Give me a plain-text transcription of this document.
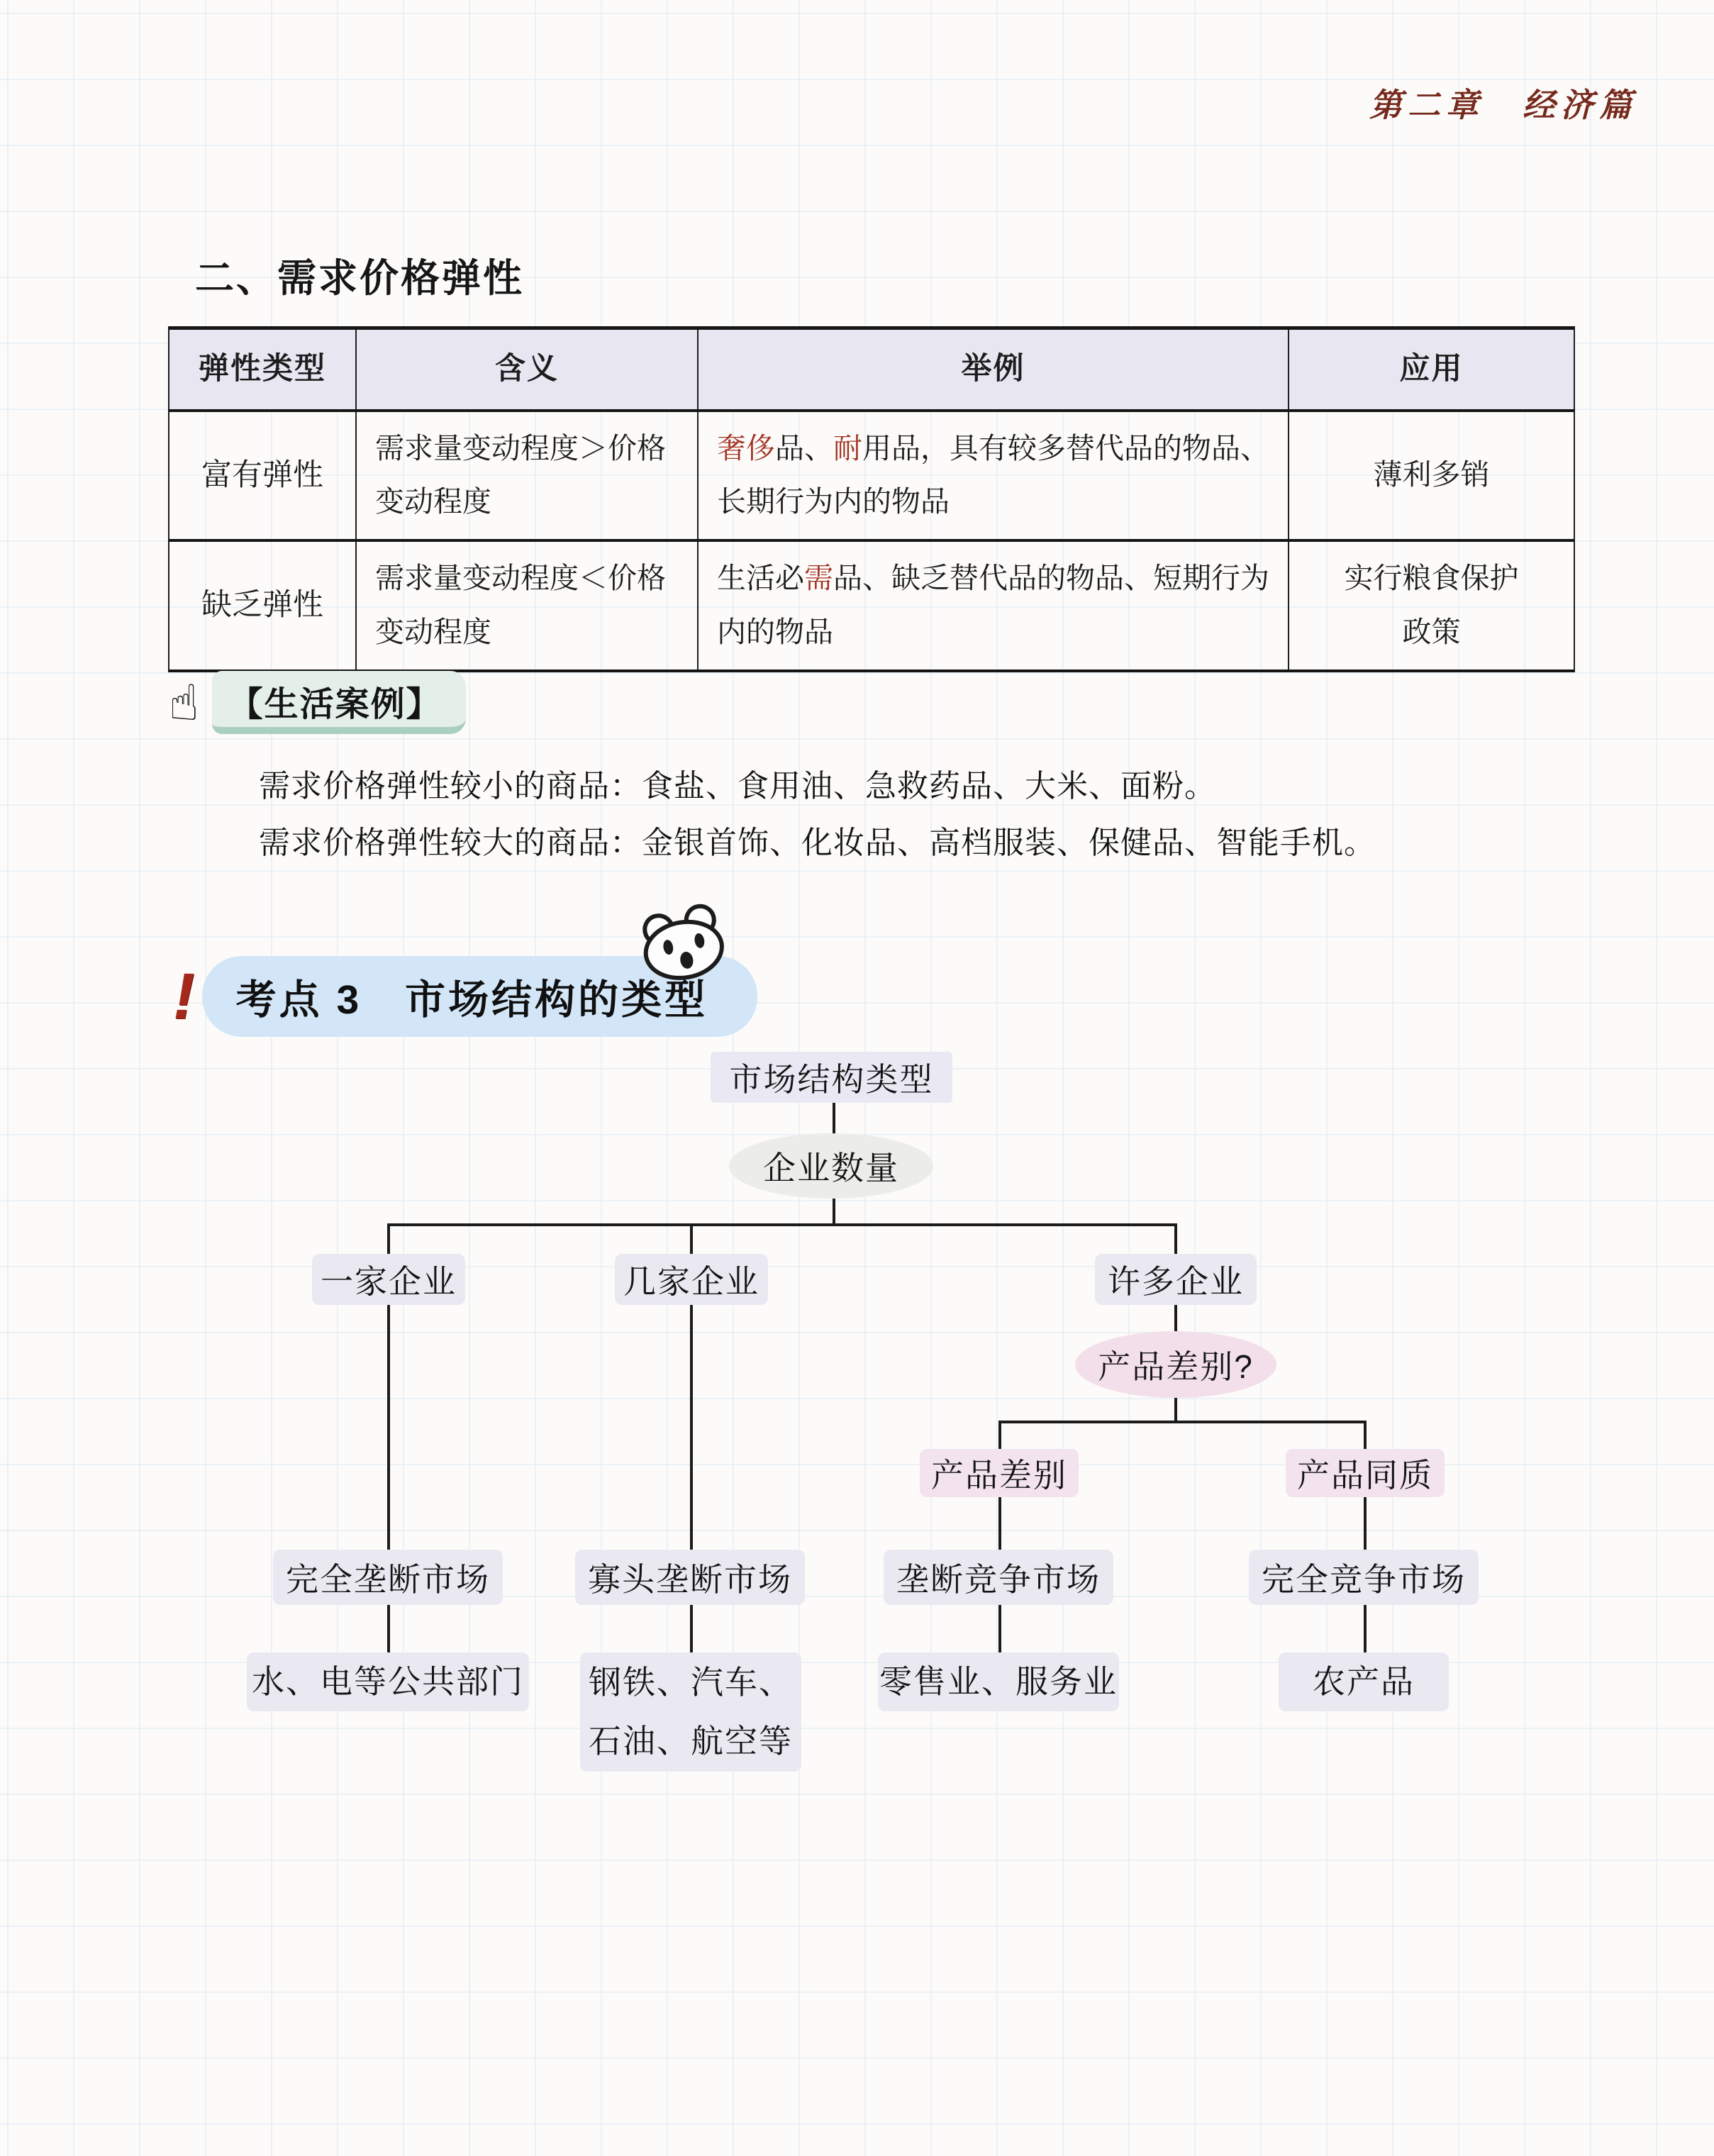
第二章　经济篇
二、需求价格弹性
弹性类型	含义	举例	应用
富有弹性	需求量变动程度＞价格变动程度	奢侈品、耐用品，具有较多替代品的物品、长期行为内的物品	薄利多销

缺乏弹性	需求量变动程度＜价格变动程度	生活必需品、缺乏替代品的物品、短期行为内的物品	实行粮食保护
政策
☝ 【生活案例】
需求价格弹性较小的商品：食盐、食用油、急救药品、大米、面粉。
需求价格弹性较大的商品：金银首饰、化妆品、高档服装、保健品、智能手机。
!	考点 3　市场结构的类型
市场结构类型
企业数量
一家企业	几家企业	许多企业
产品差别?
产品差别	产品同质
完全垄断市场	寡头垄断市场	垄断竞争市场	完全竞争市场
水、电等公共部门 钢铁、汽车、
石油、航空等
零售业、服务业	农产品
